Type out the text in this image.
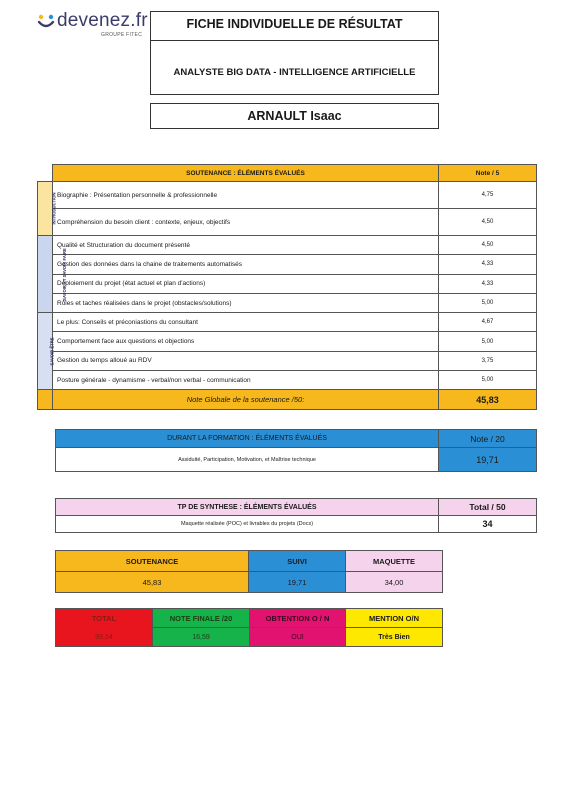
devenez.fr
GROUPE FITEC
FICHE INDIVIDUELLE DE RÉSULTAT
ANALYSTE BIG DATA - INTELLIGENCE ARTIFICIELLE
ARNAULT Isaac
	SOUTENANCE : ÉLÉMENTS ÉVALUÉS	Note / 5
INTRODUCTION	Biographie : Présentation personnelle & professionnelle	4,75
	Compréhension du besoin client : contexte, enjeux, objectifs	4,50
SAVOIR ET SAVOIR FAIRE	Qualité et Structuration du document présenté	4,50
	Gestion des données dans la chaine de traitements automatisés	4,33
	Déploiement du projet (état actuel et plan d'actions)	4,33
	Rôles et taches réalisées dans le projet (obstacles/solutions)	5,00
SAVOIR ÊTRE	Le plus: Conseils et préconiastions du consultant	4,67
	Comportement face aux questions et objections	5,00
	Gestion du temps alloué au RDV	3,75
	Posture générale - dynamisme - verbal/non verbal - communication	5,00
	Note Globale de la soutenance /50:	45,83
DURANT LA FORMATION : ÉLÉMENTS ÉVALUÉS	Note / 20
Assiduité, Participation, Motivation, et Maîtrise technique	19,71
TP DE SYNTHESE : ÉLÉMENTS ÉVALUÉS	Total / 50
Maquette réalisée (POC) et livrables du projets (Docs)	34
SOUTENANCE	SUIVI	MAQUETTE
45,83	19,71	34,00
TOTAL	NOTE FINALE /20	OBTENTION O / N	MENTION O/N
99,54	16,59	OUI	Très Bien
